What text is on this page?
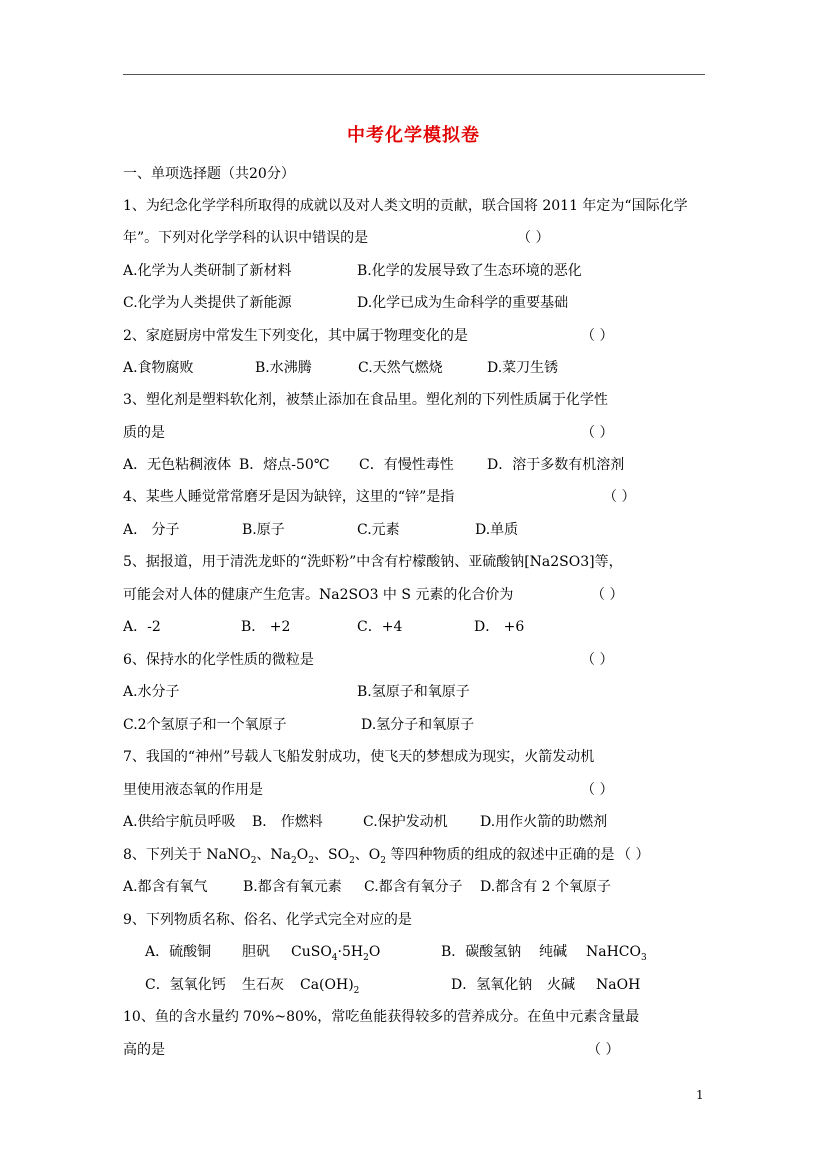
中考化学模拟卷
一、单项选择题（共20分）
1、为纪念化学学科所取得的成就以及对人类文明的贡献，联合国将 2011 年定为“国际化学
年”。下列对化学学科的认识中错误的是	（ ）
A.化学为人类研制了新材料	B.化学的发展导致了生态环境的恶化
C.化学为人类提供了新能源	D.化学已成为生命科学的重要基础
2、家庭厨房中常发生下列变化，其中属于物理变化的是	（ ）
A.食物腐败	B.水沸腾	C.天然气燃烧	D.菜刀生锈
3、塑化剂是塑料软化剂，被禁止添加在食品里。塑化剂的下列性质属于化学性
质的是	（ ）
A．无色粘稠液体 B．熔点-50℃ C．有慢性毒性 D．溶于多数有机溶剂
4、某些人睡觉常常磨牙是因为缺锌，这里的“锌”是指	（ ）
A． 分子	B.原子	C.元素	D.单质
5、据报道，用于清洗龙虾的“洗虾粉”中含有柠檬酸钠、亚硫酸钠[Na2SO3]等，
可能会对人体的健康产生危害。Na2SO3 中 S 元素的化合价为	（ ）
A．-2	B． +2	C．+4	D． +6
6、保持水的化学性质的微粒是	（ ）
A.水分子	B.氢原子和氧原子
C.2个氢原子和一个氧原子	D.氢分子和氧原子
7、我国的“神州”号载人飞船发射成功，使飞天的梦想成为现实，火箭发动机
里使用液态氧的作用是	（ ）
A.供给宇航员呼吸 B． 作燃料	C.保护发动机 D.用作火箭的助燃剂
8、下列关于 NaNO$_2$、$Na_2O_2$、$SO_2$、$O_2$ 等四种物质的组成的叙述中正确的是 （ ）
A.都含有氧气	B.都含有氧元素 C.都含有氧分子 D.都含有 2 个氧原子
9、下列物质名称、俗名、化学式完全对应的是
A．硫酸铜 胆矾 $CuSO_4\cdot 5H_2O$	B．碳酸氢钠 纯碱 NaHCO$_3$
C．氢氧化钙 生石灰 $Ca(OH)_2$	D．氢氧化钠 火碱 NaOH
10、鱼的含水量约 70%~80%，常吃鱼能获得较多的营养成分。在鱼中元素含量最
高的是	（ ）
1
